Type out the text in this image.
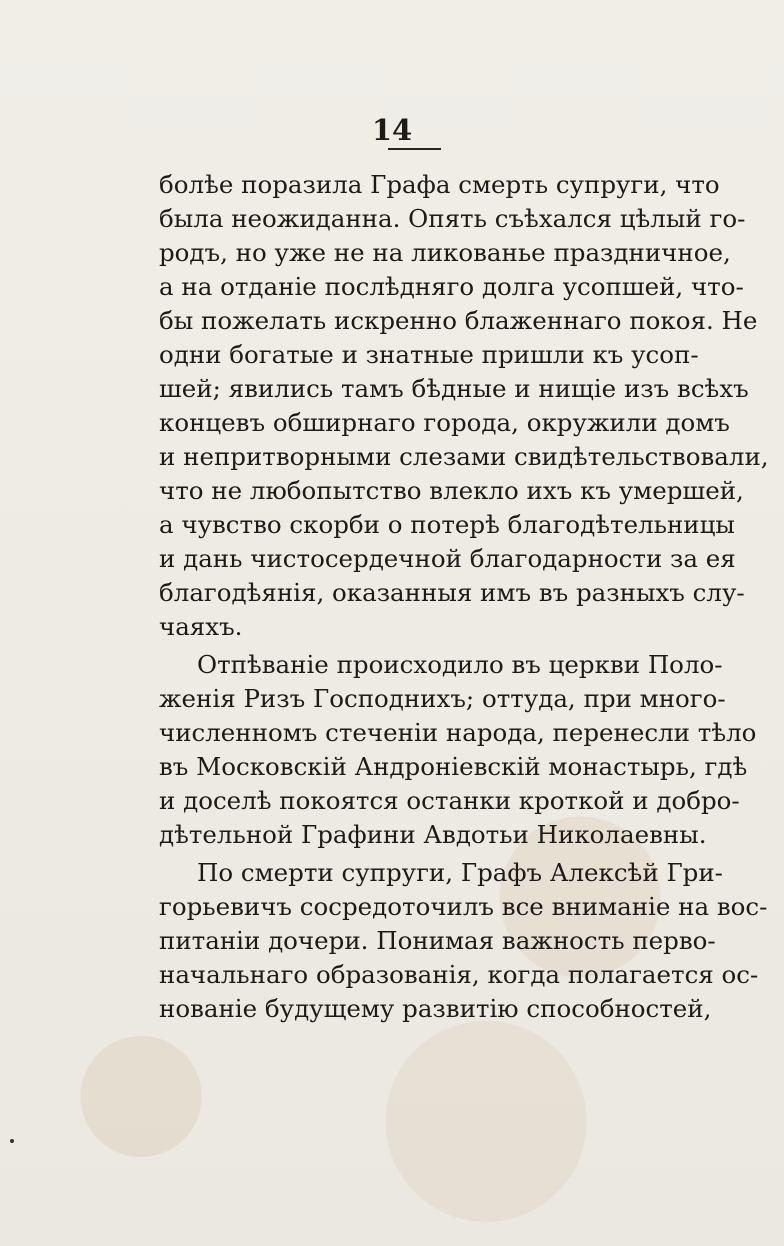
14
болѣе поразила Графа смерть супруги, что
была неожиданна. Опять съѣхался цѣлый го-
родъ, но уже не на ликованье праздничное,
а на отданіе послѣдняго долга усопшей, что-
бы пожелать искренно блаженнаго покоя. Не
одни богатые и знатные пришли къ усоп-
шей; явились тамъ бѣдные и нищіе изъ всѣхъ
концевъ обширнаго города, окружили домъ
и непритворными слезами свидѣтельствовали,
что не любопытство влекло ихъ къ умершей,
а чувство скорби о потерѣ благодѣтельницы
и дань чистосердечной благодарности за ея
благодѣянія, оказанныя имъ въ разныхъ слу-
чаяхъ.
Отпѣваніе происходило въ церкви Поло-
женія Ризъ Господнихъ; оттуда, при много-
численномъ стеченіи народа, перенесли тѣло
въ Московскій Андроніевскій монастырь, гдѣ
и доселѣ покоятся останки кроткой и добро-
дѣтельной Графини Авдотьи Николаевны.
По смерти супруги, Графъ Алексѣй Гри-
горьевичъ сосредоточилъ все вниманіе на вос-
питаніи дочери. Понимая важность перво-
начальнаго образованія, когда полагается ос-
нованіе будущему развитію способностей,
